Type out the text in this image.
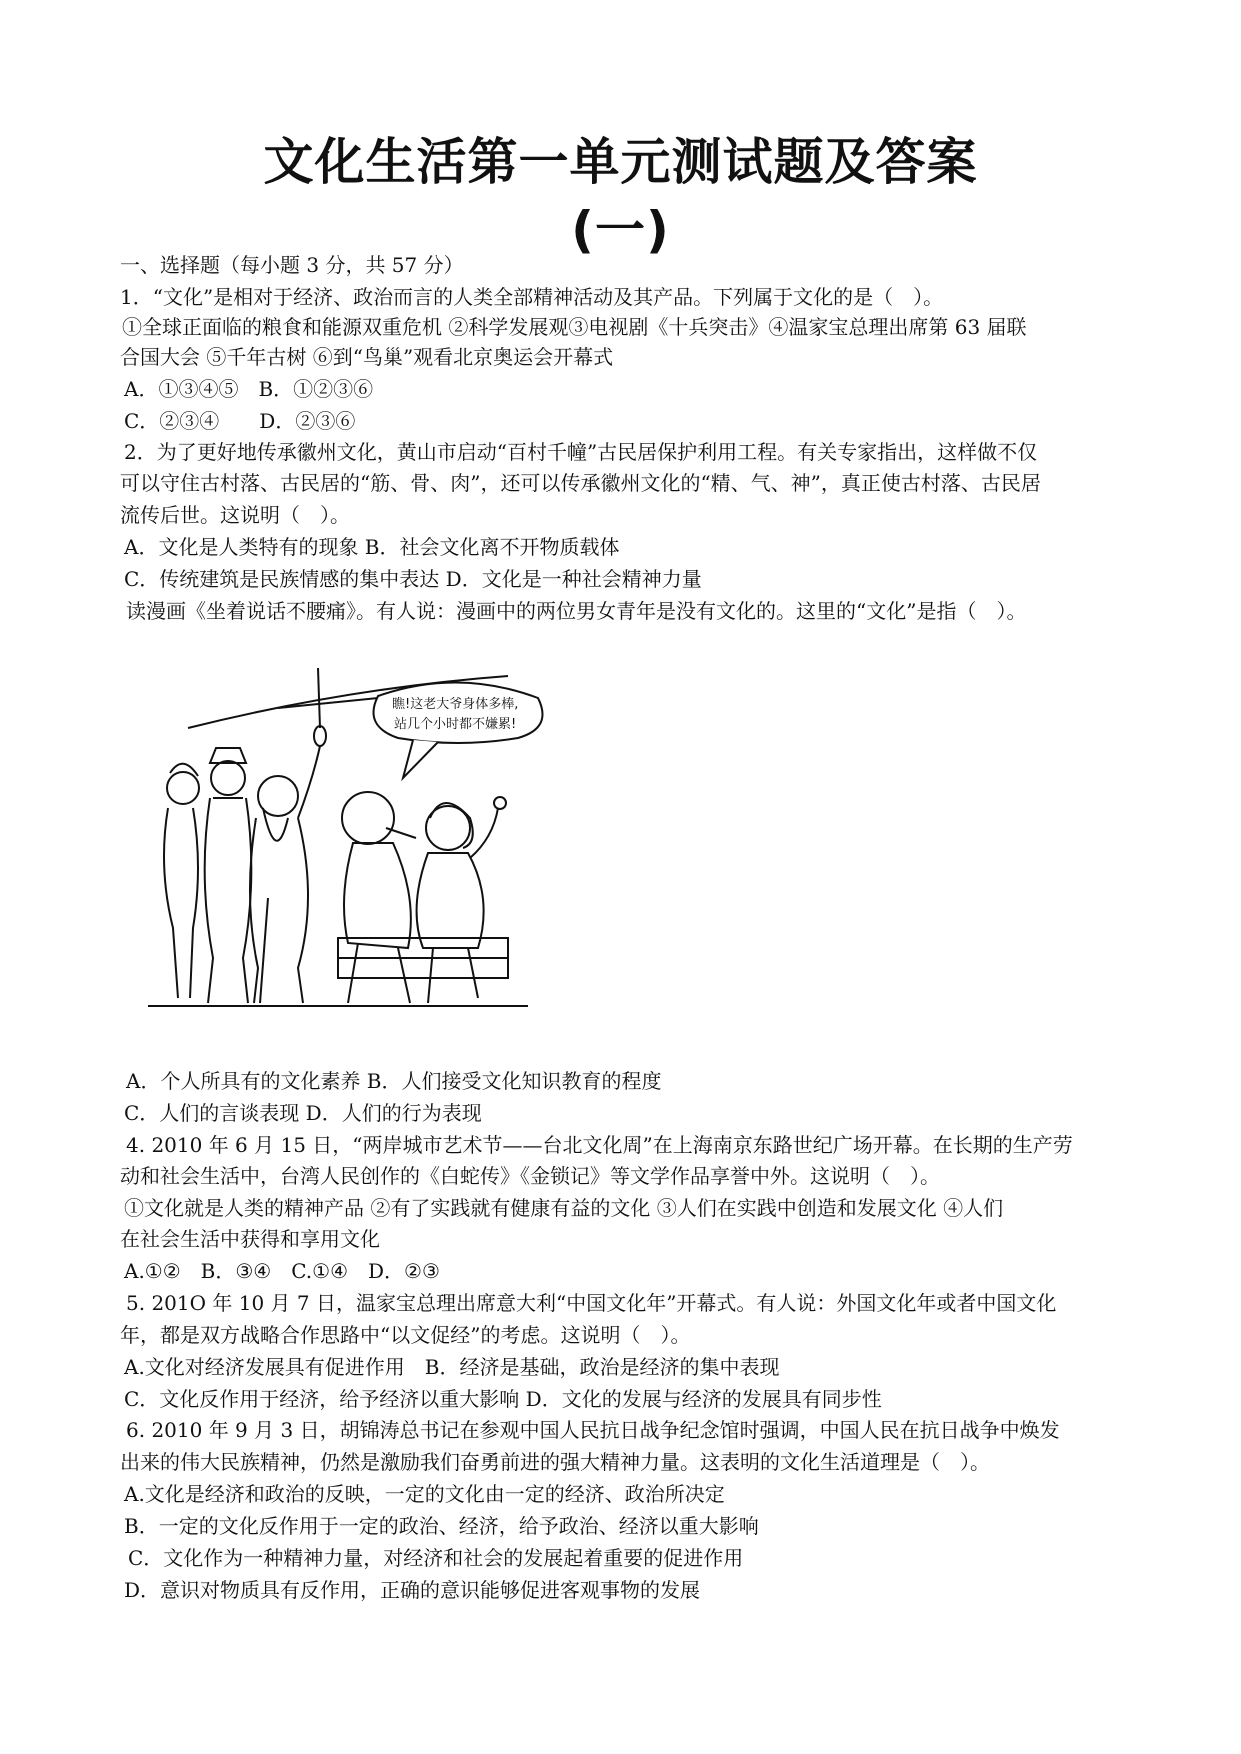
文化生活第一单元测试题及答案
(一)
一、选择题（每小题 3 分，共 57 分）
1．“文化”是相对于经济、政治而言的人类全部精神活动及其产品。下列属于文化的是（　）。
①全球正面临的粮食和能源双重危机 ②科学发展观③电视剧《十兵突击》④温家宝总理出席第 63 届联
合国大会 ⑤千年古树 ⑥到“鸟巢”观看北京奥运会开幕式
A．①③④⑤　B．①②③⑥
C．②③④　　D．②③⑥
2．为了更好地传承徽州文化，黄山市启动“百村千幢”古民居保护利用工程。有关专家指出，这样做不仅
可以守住古村落、古民居的“筋、骨、肉”，还可以传承徽州文化的“精、气、神”，真正使古村落、古民居
流传后世。这说明（　）。
A．文化是人类特有的现象 B．社会文化离不开物质载体
C．传统建筑是民族情感的集中表达 D．文化是一种社会精神力量
读漫画《坐着说话不腰痛》。有人说：漫画中的两位男女青年是没有文化的。这里的“文化”是指（　）。
瞧!这老大爷身体多棒,
站几个小时都不嫌累!
A．个人所具有的文化素养 B．人们接受文化知识教育的程度
C．人们的言谈表现 D．人们的行为表现
4. 2010 年 6 月 15 日，“两岸城市艺术节——台北文化周”在上海南京东路世纪广场开幕。在长期的生产劳
动和社会生活中，台湾人民创作的《白蛇传》《金锁记》等文学作品享誉中外。这说明（　）。
①文化就是人类的精神产品 ②有了实践就有健康有益的文化 ③人们在实践中创造和发展文化 ④人们
在社会生活中获得和享用文化
A.①②　B．③④　C.①④　D．②③
5. 201O 年 10 月 7 日，温家宝总理出席意大利“中国文化年”开幕式。有人说：外国文化年或者中国文化
年，都是双方战略合作思路中“以文促经”的考虑。这说明（　）。
A.文化对经济发展具有促进作用　B．经济是基础，政治是经济的集中表现
C．文化反作用于经济，给予经济以重大影响 D．文化的发展与经济的发展具有同步性
6. 2010 年 9 月 3 日，胡锦涛总书记在参观中国人民抗日战争纪念馆时强调，中国人民在抗日战争中焕发
出来的伟大民族精神，仍然是激励我们奋勇前进的强大精神力量。这表明的文化生活道理是（　）。
A.文化是经济和政治的反映，一定的文化由一定的经济、政治所决定
B．一定的文化反作用于一定的政治、经济，给予政治、经济以重大影响
C．文化作为一种精神力量，对经济和社会的发展起着重要的促进作用
D．意识对物质具有反作用，正确的意识能够促进客观事物的发展
